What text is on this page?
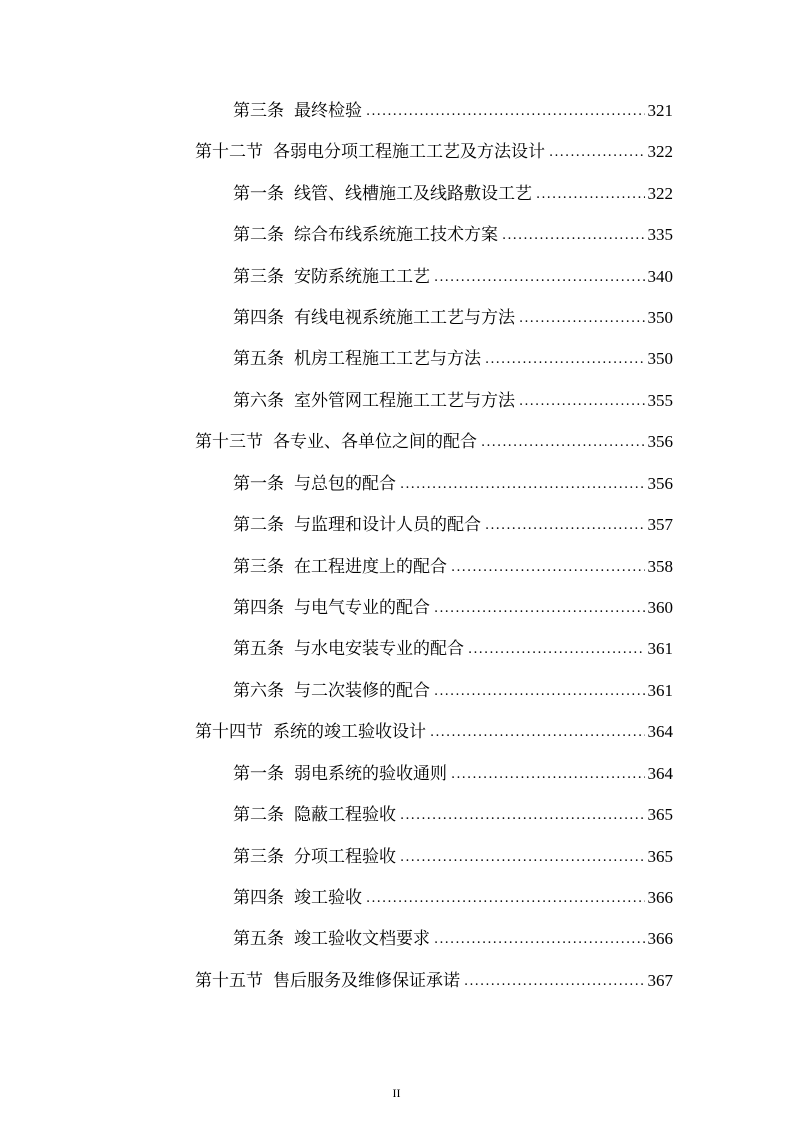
第三条 最终检验 .....	321
第十二节 各弱电分项工程施工工艺及方法设计 .....	322
第一条 线管、线槽施工及线路敷设工艺 .....	322
第二条 综合布线系统施工技术方案 .....	335
第三条 安防系统施工工艺 .....	340
第四条 有线电视系统施工工艺与方法 .....	350
第五条 机房工程施工工艺与方法 .....	350
第六条 室外管网工程施工工艺与方法 .....	355
第十三节 各专业、各单位之间的配合 .....	356
第一条 与总包的配合 .....	356
第二条 与监理和设计人员的配合 .....	357
第三条 在工程进度上的配合 .....	358
第四条 与电气专业的配合 .....	360
第五条 与水电安装专业的配合 .....	361
第六条 与二次装修的配合 .....	361
第十四节 系统的竣工验收设计 .....	364
第一条 弱电系统的验收通则 .....	364
第二条 隐蔽工程验收 .....	365
第三条 分项工程验收 .....	365
第四条 竣工验收 .....	366
第五条 竣工验收文档要求 .....	366
第十五节 售后服务及维修保证承诺 .....	367
II
